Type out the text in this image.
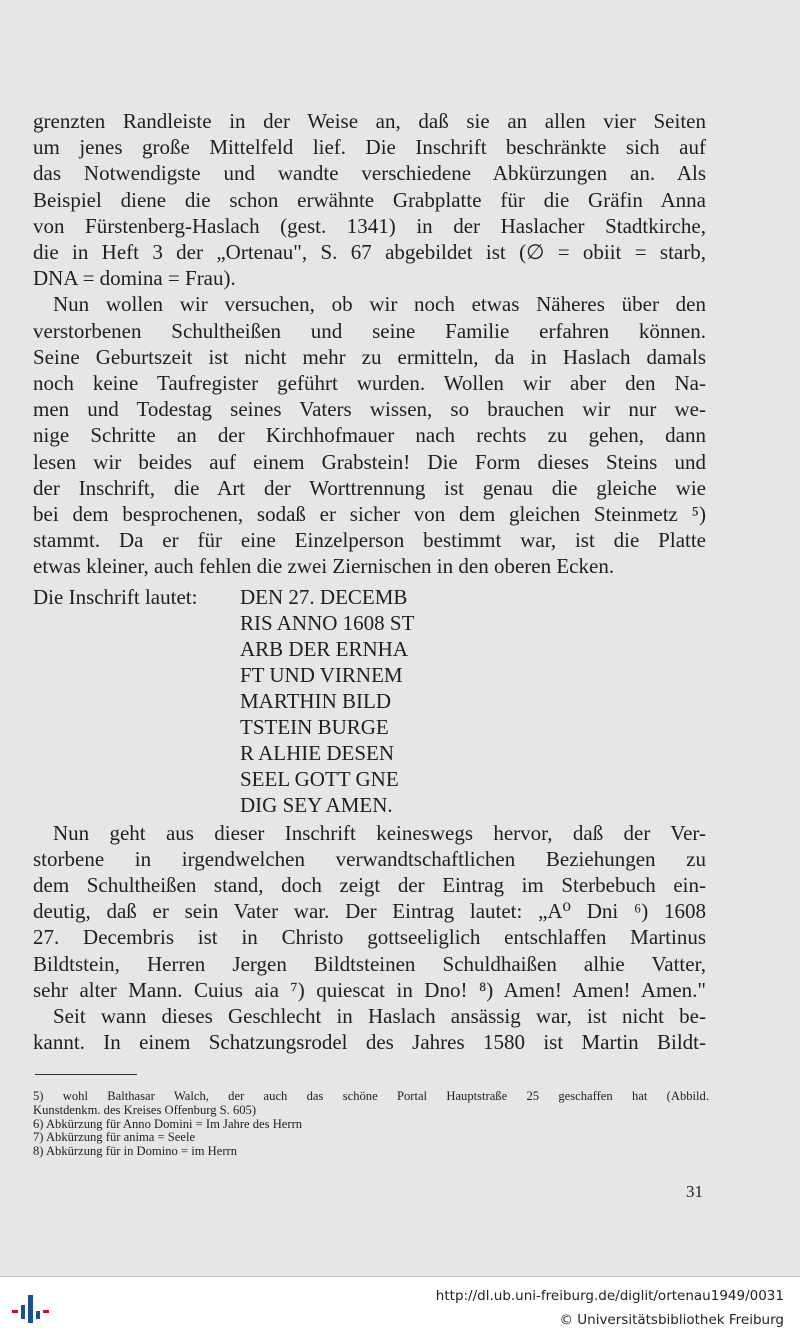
grenzten Randleiste in der Weise an, daß sie an allen vier Seiten
um jenes große Mittelfeld lief. Die Inschrift beschränkte sich auf
das Notwendigste und wandte verschiedene Abkürzungen an. Als
Beispiel diene die schon erwähnte Grabplatte für die Gräfin Anna
von Fürstenberg-Haslach (gest. 1341) in der Haslacher Stadtkirche,
die in Heft 3 der „Ortenau", S. 67 abgebildet ist (∅ = obiit = starb,
DNA = domina = Frau).

Nun wollen wir versuchen, ob wir noch etwas Näheres über den
verstorbenen Schultheißen und seine Familie erfahren können.
Seine Geburtszeit ist nicht mehr zu ermitteln, da in Haslach damals
noch keine Taufregister geführt wurden. Wollen wir aber den Na-
men und Todestag seines Vaters wissen, so brauchen wir nur we-
nige Schritte an der Kirchhofmauer nach rechts zu gehen, dann
lesen wir beides auf einem Grabstein! Die Form dieses Steins und
der Inschrift, die Art der Worttrennung ist genau die gleiche wie
bei dem besprochenen, sodaß er sicher von dem gleichen Steinmetz ⁵)
stammt. Da er für eine Einzelperson bestimmt war, ist die Platte
etwas kleiner, auch fehlen die zwei Ziernischen in den oberen Ecken.

Die Inschrift lautet: DEN 27. DECEMB
RIS ANNO 1608 ST
ARB DER ERNHA
FT UND VIRNEM
MARTHIN BILD
TSTEIN BURGE
R ALHIE DESEN
SEEL GOTT GNE
DIG SEY AMEN.

Nun geht aus dieser Inschrift keineswegs hervor, daß der Ver-
storbene in irgendwelchen verwandtschaftlichen Beziehungen zu
dem Schultheißen stand, doch zeigt der Eintrag im Sterbebuch ein-
deutig, daß er sein Vater war. Der Eintrag lautet: „A⁰ Dni ⁶) 1608
27. Decembris ist in Christo gottseeliglich entschlaffen Martinus
Bildtstein, Herren Jergen Bildtsteinen Schuldhaißen alhie Vatter,
sehr alter Mann. Cuius aia ⁷) quiescat in Dno! ⁸) Amen! Amen! Amen."

Seit wann dieses Geschlecht in Haslach ansässig war, ist nicht be-
kannt. In einem Schatzungsrodel des Jahres 1580 ist Martin Bildt-

5) wohl Balthasar Walch, der auch das schöne Portal Hauptstraße 25 geschaffen hat (Abbild.
Kunstdenkm. des Kreises Offenburg S. 605)
6) Abkürzung für Anno Domini = Im Jahre des Herrn
7) Abkürzung für anima = Seele
8) Abkürzung für in Domino = im Herrn
31
http://dl.ub.uni-freiburg.de/diglit/ortenau1949/0031
© Universitätsbibliothek Freiburg
